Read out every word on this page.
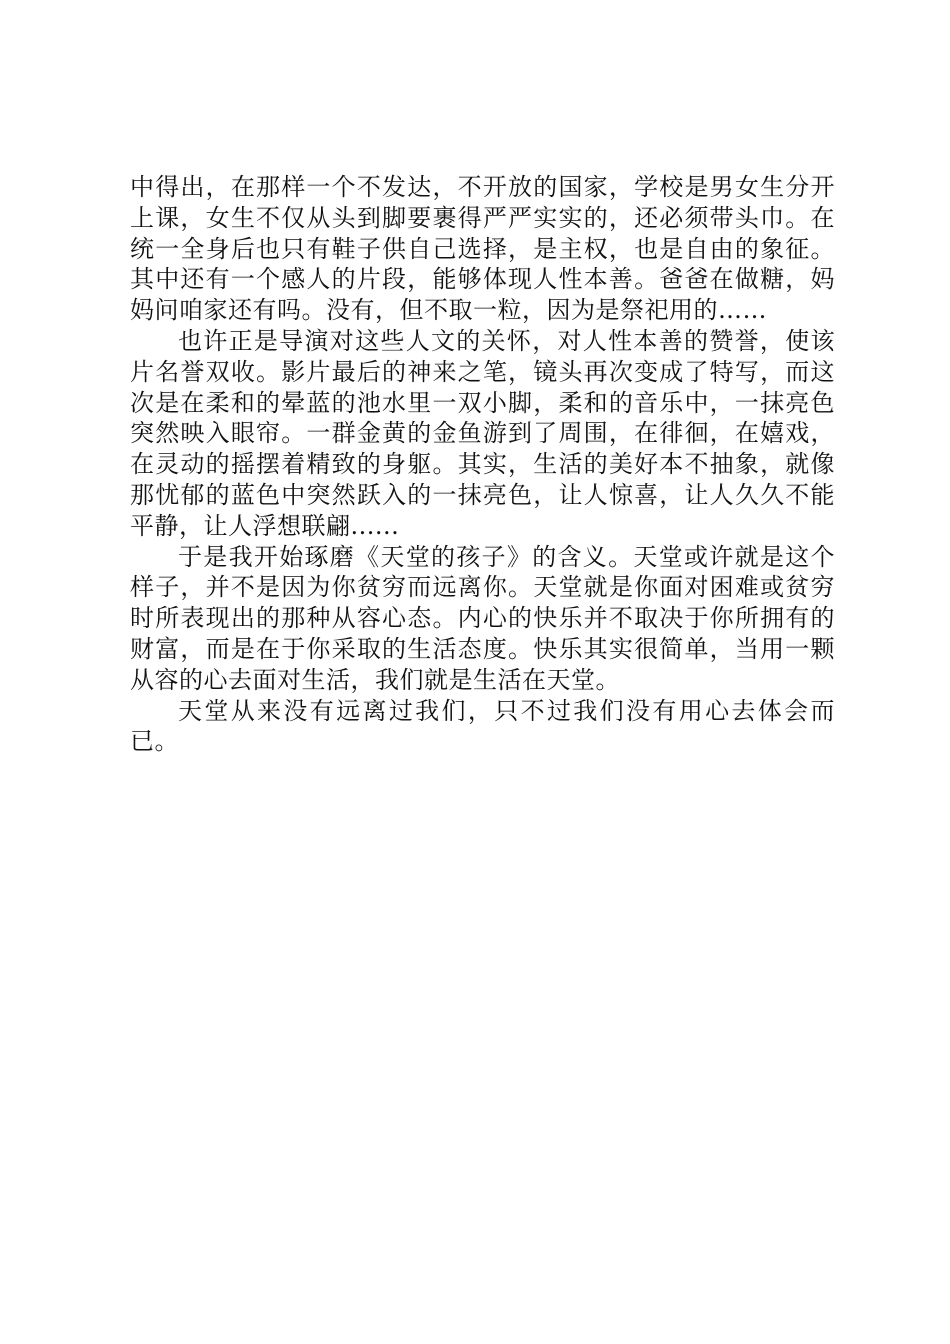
中得出，在那样一个不发达，不开放的国家，学校是男女生分开上课，女生不仅从头到脚要裹得严严实实的，还必须带头巾。在统一全身后也只有鞋子供自己选择，是主权，也是自由的象征。其中还有一个感人的片段，能够体现人性本善。爸爸在做糖，妈妈问咱家还有吗。没有，但不取一粒，因为是祭祀用的……

也许正是导演对这些人文的关怀，对人性本善的赞誉，使该片名誉双收。影片最后的神来之笔，镜头再次变成了特写，而这次是在柔和的晕蓝的池水里一双小脚，柔和的音乐中，一抹亮色突然映入眼帘。一群金黄的金鱼游到了周围，在徘徊，在嬉戏，在灵动的摇摆着精致的身躯。其实，生活的美好本不抽象，就像那忧郁的蓝色中突然跃入的一抹亮色，让人惊喜，让人久久不能平静，让人浮想联翩......

于是我开始琢磨《天堂的孩子》的含义。天堂或许就是这个样子，并不是因为你贫穷而远离你。天堂就是你面对困难或贫穷时所表现出的那种从容心态。内心的快乐并不取决于你所拥有的财富，而是在于你采取的生活态度。快乐其实很简单，当用一颗从容的心去面对生活，我们就是生活在天堂。

天堂从来没有远离过我们，只不过我们没有用心去体会而已。
